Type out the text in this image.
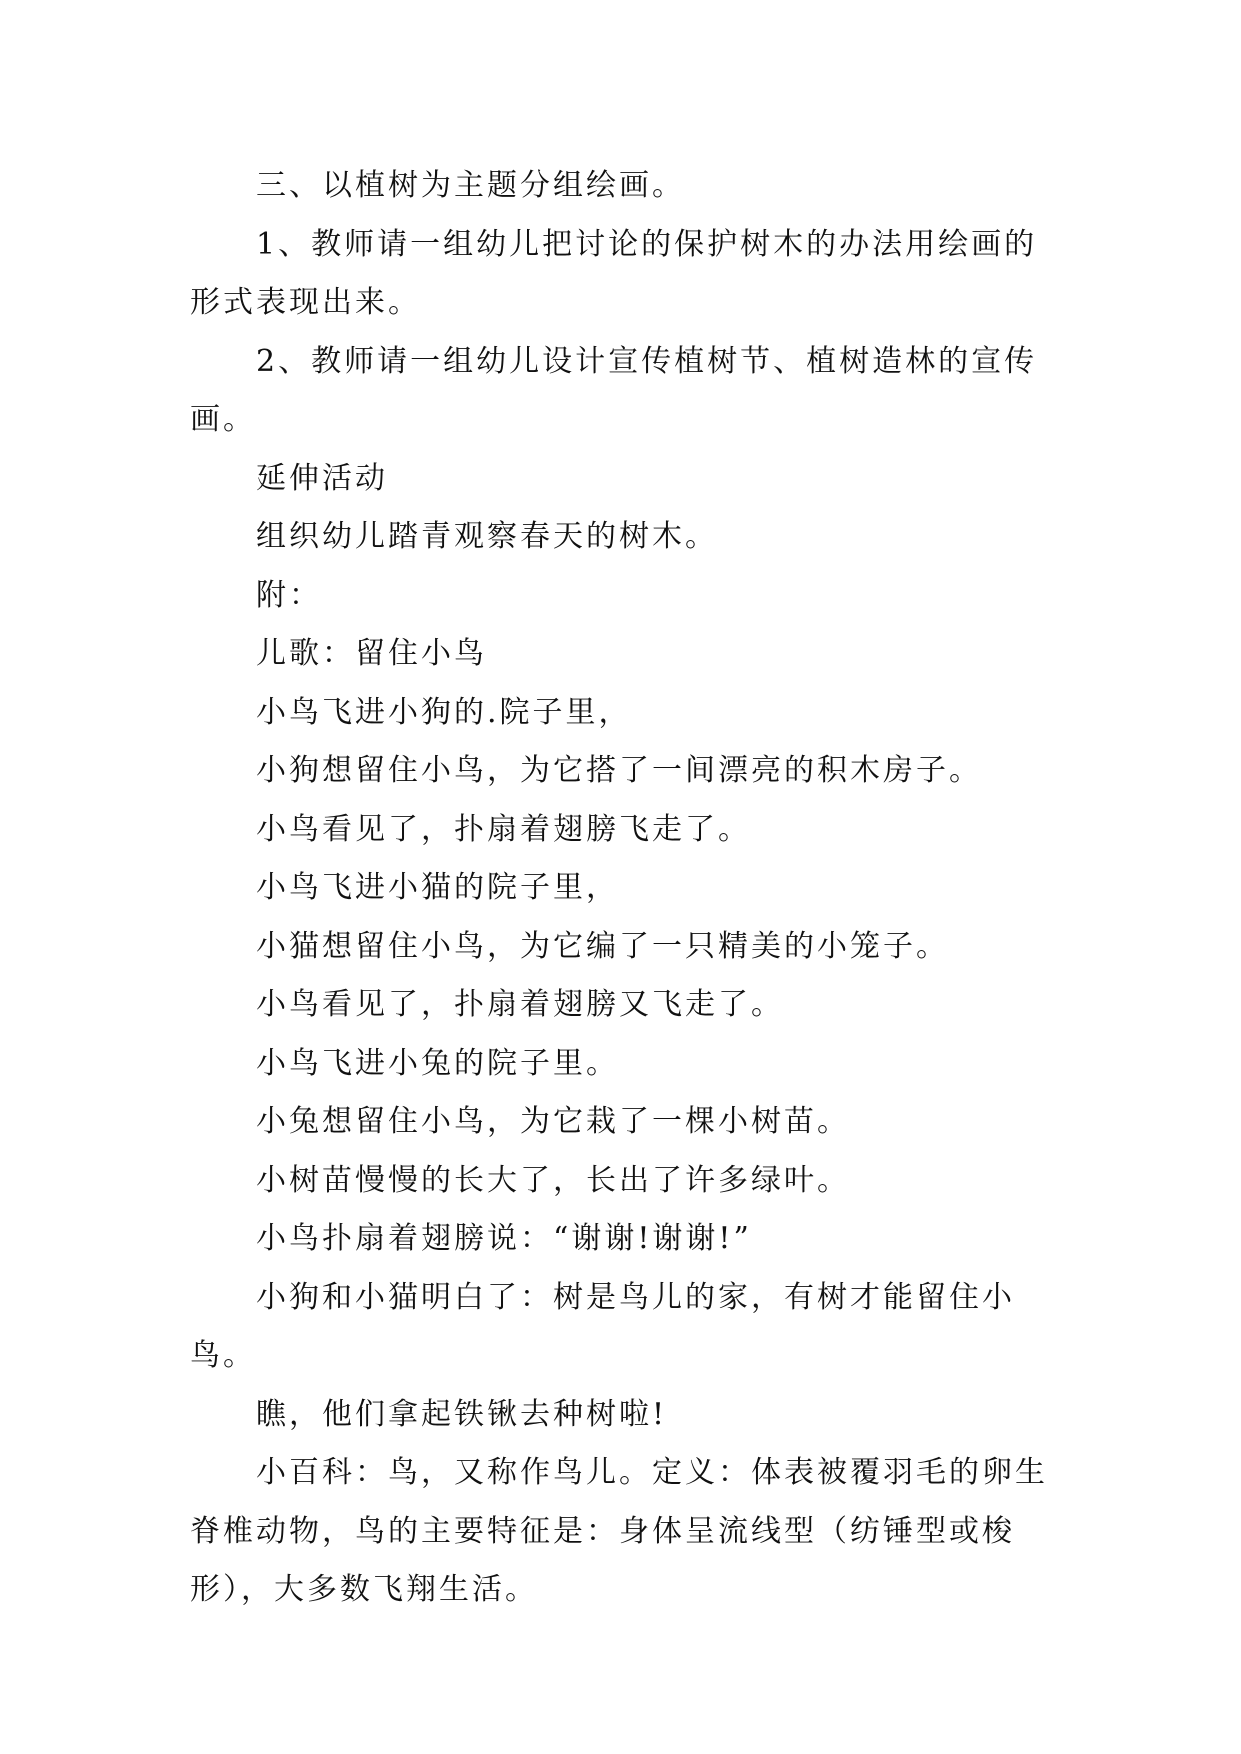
三、以植树为主题分组绘画。

1、教师请一组幼儿把讨论的保护树木的办法用绘画的形式表现出来。

2、教师请一组幼儿设计宣传植树节、植树造林的宣传画。

延伸活动

组织幼儿踏青观察春天的树木。

附：

儿歌：留住小鸟

小鸟飞进小狗的.院子里，

小狗想留住小鸟，为它搭了一间漂亮的积木房子。

小鸟看见了，扑扇着翅膀飞走了。

小鸟飞进小猫的院子里，

小猫想留住小鸟，为它编了一只精美的小笼子。

小鸟看见了，扑扇着翅膀又飞走了。

小鸟飞进小兔的院子里。

小兔想留住小鸟，为它栽了一棵小树苗。

小树苗慢慢的长大了，长出了许多绿叶。

小鸟扑扇着翅膀说：“谢谢!谢谢!”

小狗和小猫明白了：树是鸟儿的家，有树才能留住小鸟。

瞧，他们拿起铁锹去种树啦!

小百科：鸟，又称作鸟儿。定义：体表被覆羽毛的卵生脊椎动物，鸟的主要特征是：身体呈流线型（纺锤型或梭形），大多数飞翔生活。
